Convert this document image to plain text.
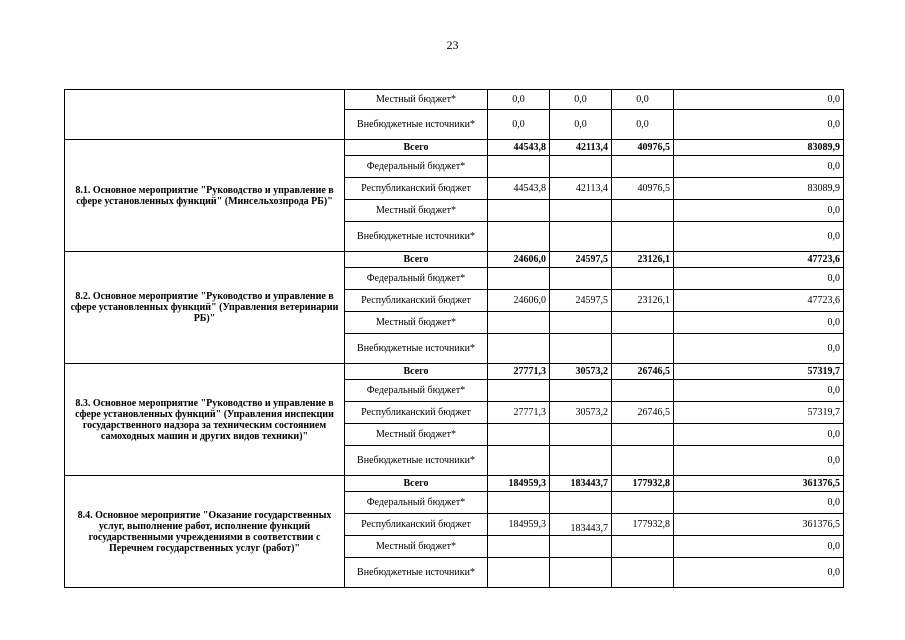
23
	Местный бюджет*	0,0	0,0	0,0	0,0
	Внебюджетные источники*	0,0	0,0	0,0	0,0
8.1. Основное мероприятие "Руководство и управление в сфере установленных функций" (Минсельхозпрода РБ)"	Всего	44543,8	42113,4	40976,5	83089,9
	Федеральный бюджет*				0,0
	Республиканский бюджет	44543,8	42113,4	40976,5	83089,9
	Местный бюджет*				0,0
	Внебюджетные источники*				0,0
8.2. Основное мероприятие "Руководство и управление в сфере установленных функций" (Управления ветеринарии РБ)"	Всего	24606,0	24597,5	23126,1	47723,6
	Федеральный бюджет*				0,0
	Республиканский бюджет	24606,0	24597,5	23126,1	47723,6
	Местный бюджет*				0,0
	Внебюджетные источники*				0,0
8.3. Основное мероприятие "Руководство и управление в сфере установленных функций" (Управления инспекции государственного надзора за техническим состоянием самоходных машин и других видов техники)"	Всего	27771,3	30573,2	26746,5	57319,7
	Федеральный бюджет*				0,0
	Республиканский бюджет	27771,3	30573,2	26746,5	57319,7
	Местный бюджет*				0,0
	Внебюджетные источники*				0,0
8.4. Основное мероприятие "Оказание государственных услуг, выполнение работ, исполнение функций государственными учреждениями в соответствии с Перечнем государственных услуг (работ)"	Всего	184959,3	183443,7	177932,8	361376,5
	Федеральный бюджет*				0,0
	Республиканский бюджет	184959,3	183443,7	177932,8	361376,5
	Местный бюджет*				0,0
	Внебюджетные источники*				0,0
